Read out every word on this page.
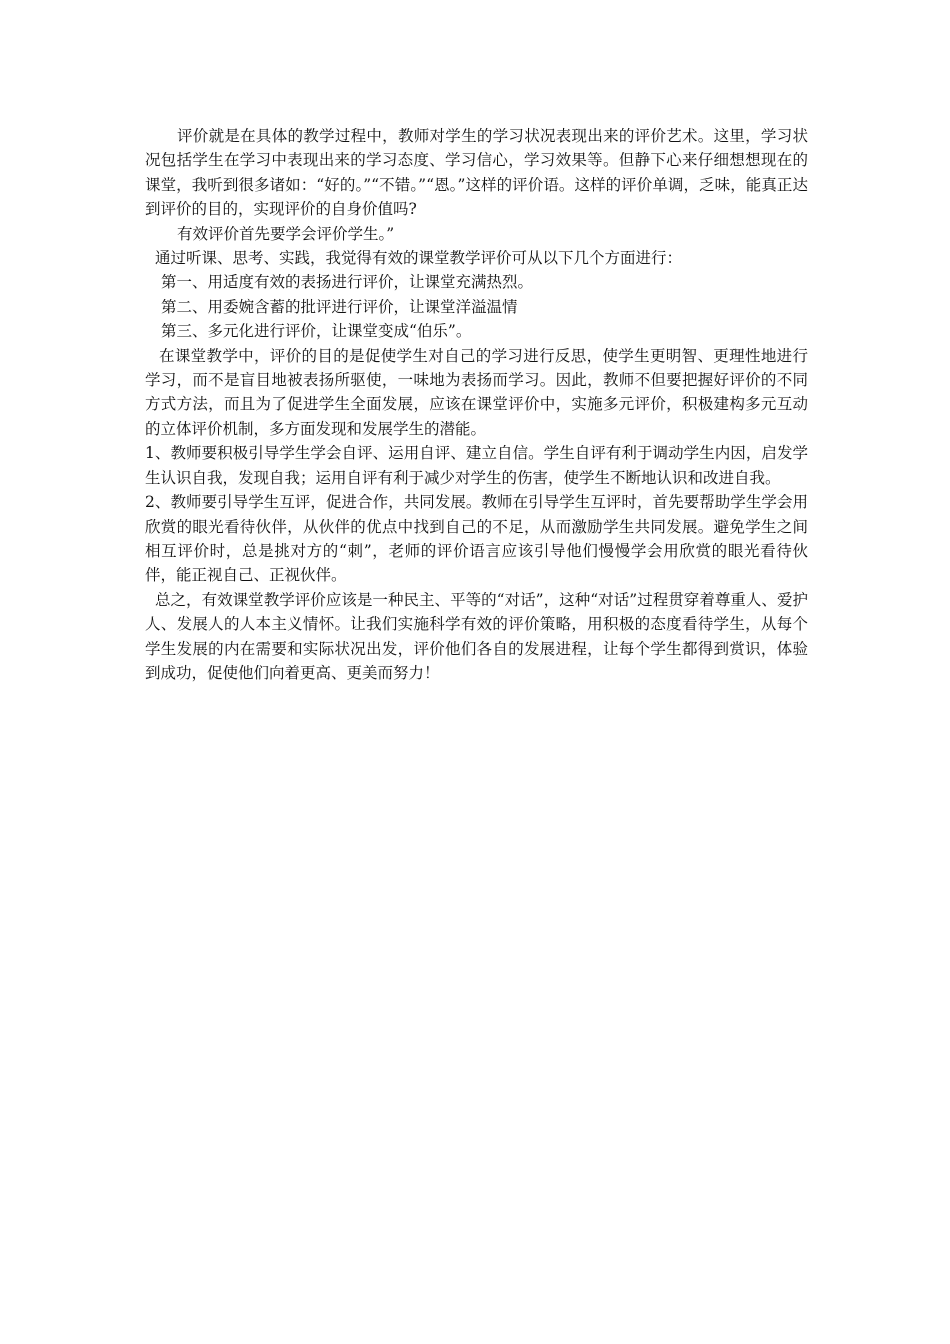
评价就是在具体的教学过程中，教师对学生的学习状况表现出来的评价艺术。这里，学习状况包括学生在学习中表现出来的学习态度、学习信心，学习效果等。但静下心来仔细想想现在的课堂，我听到很多诸如：“好的。”“不错。”“恩。”这样的评价语。这样的评价单调，乏味，能真正达到评价的目的，实现评价的自身价值吗?

有效评价首先要学会评价学生。”

通过听课、思考、实践，我觉得有效的课堂教学评价可从以下几个方面进行：

第一、用适度有效的表扬进行评价，让课堂充满热烈。

第二、用委婉含蓄的批评进行评价，让课堂洋溢温情

第三、多元化进行评价，让课堂变成“伯乐”。

在课堂教学中，评价的目的是促使学生对自己的学习进行反思，使学生更明智、更理性地进行学习，而不是盲目地被表扬所驱使，一味地为表扬而学习。因此，教师不但要把握好评价的不同方式方法，而且为了促进学生全面发展，应该在课堂评价中，实施多元评价，积极建构多元互动的立体评价机制，多方面发现和发展学生的潜能。

1、教师要积极引导学生学会自评、运用自评、建立自信。学生自评有利于调动学生内因，启发学生认识自我，发现自我；运用自评有利于减少对学生的伤害，使学生不断地认识和改进自我。

2、教师要引导学生互评，促进合作，共同发展。教师在引导学生互评时，首先要帮助学生学会用欣赏的眼光看待伙伴，从伙伴的优点中找到自己的不足，从而激励学生共同发展。避免学生之间相互评价时，总是挑对方的“刺”，老师的评价语言应该引导他们慢慢学会用欣赏的眼光看待伙伴，能正视自己、正视伙伴。

总之，有效课堂教学评价应该是一种民主、平等的“对话”，这种“对话”过程贯穿着尊重人、爱护人、发展人的人本主义情怀。让我们实施科学有效的评价策略，用积极的态度看待学生，从每个学生发展的内在需要和实际状况出发，评价他们各自的发展进程，让每个学生都得到赏识，体验到成功，促使他们向着更高、更美而努力！
